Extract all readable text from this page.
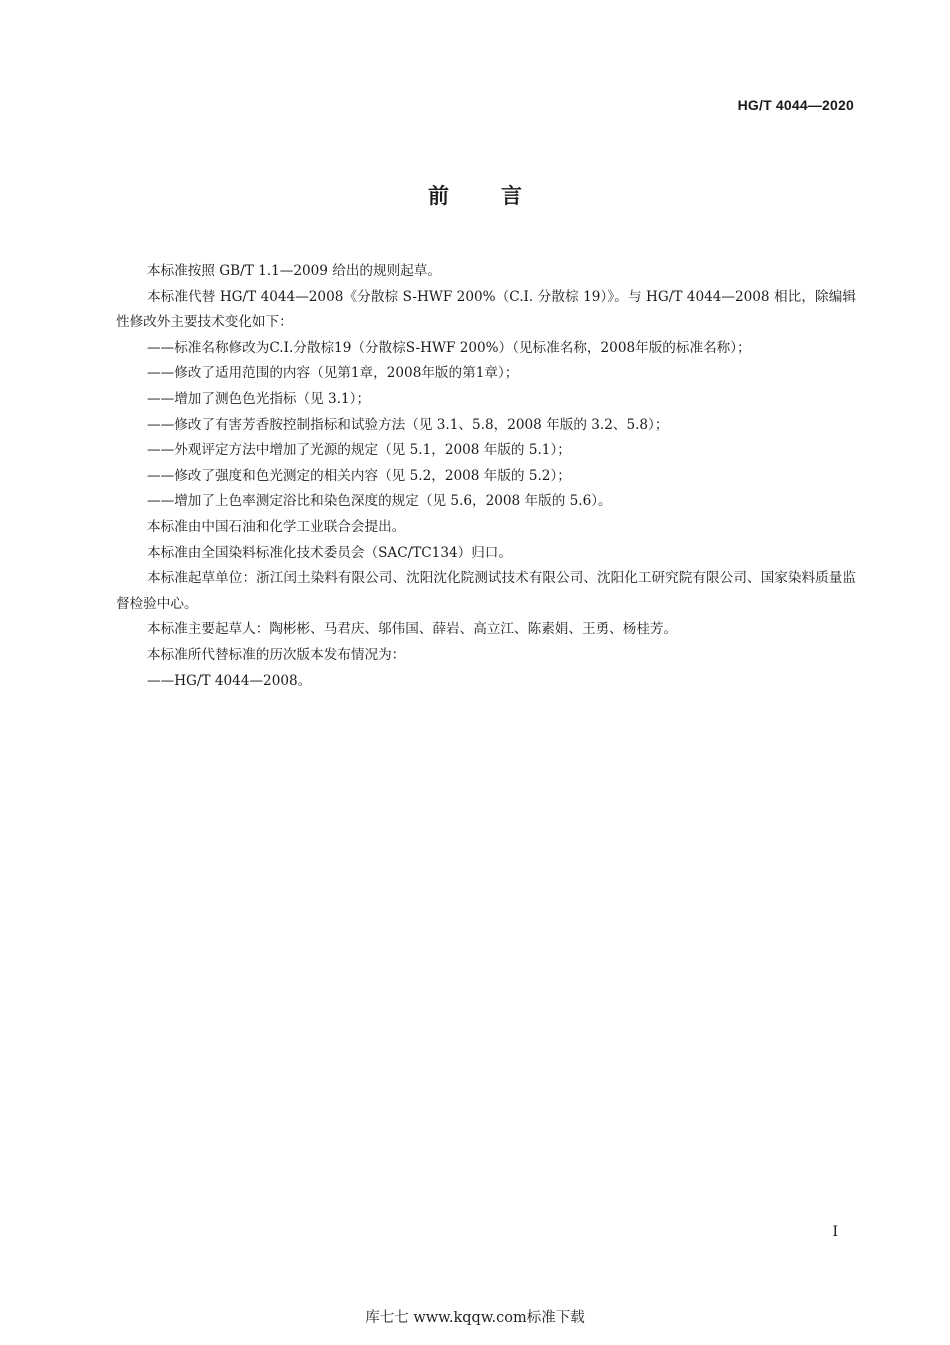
HG/T 4044—2020
前言

本标准按照 GB/T 1.1—2009 给出的规则起草。

本标准代替 HG/T 4044—2008《分散棕 S-HWF 200%（C.I. 分散棕 19）》。与 HG/T 4044—2008 相比，除编辑性修改外主要技术变化如下：

——标准名称修改为C.I.分散棕19（分散棕S-HWF 200%）（见标准名称，2008年版的标准名称）；

——修改了适用范围的内容（见第1章，2008年版的第1章）；

——增加了测色色光指标（见 3.1）；

——修改了有害芳香胺控制指标和试验方法（见 3.1、5.8，2008 年版的 3.2、5.8）；

——外观评定方法中增加了光源的规定（见 5.1，2008 年版的 5.1）；

——修改了强度和色光测定的相关内容（见 5.2，2008 年版的 5.2）；

——增加了上色率测定浴比和染色深度的规定（见 5.6，2008 年版的 5.6）。

本标准由中国石油和化学工业联合会提出。

本标准由全国染料标准化技术委员会（SAC/TC134）归口。

本标准起草单位：浙江闰土染料有限公司、沈阳沈化院测试技术有限公司、沈阳化工研究院有限公司、国家染料质量监督检验中心。

本标准主要起草人：陶彬彬、马君庆、邬伟国、薛岩、高立江、陈素娟、王勇、杨桂芳。

本标准所代替标准的历次版本发布情况为：

——HG/T 4044—2008。

I
库七七 www.kqqw.com标准下载
